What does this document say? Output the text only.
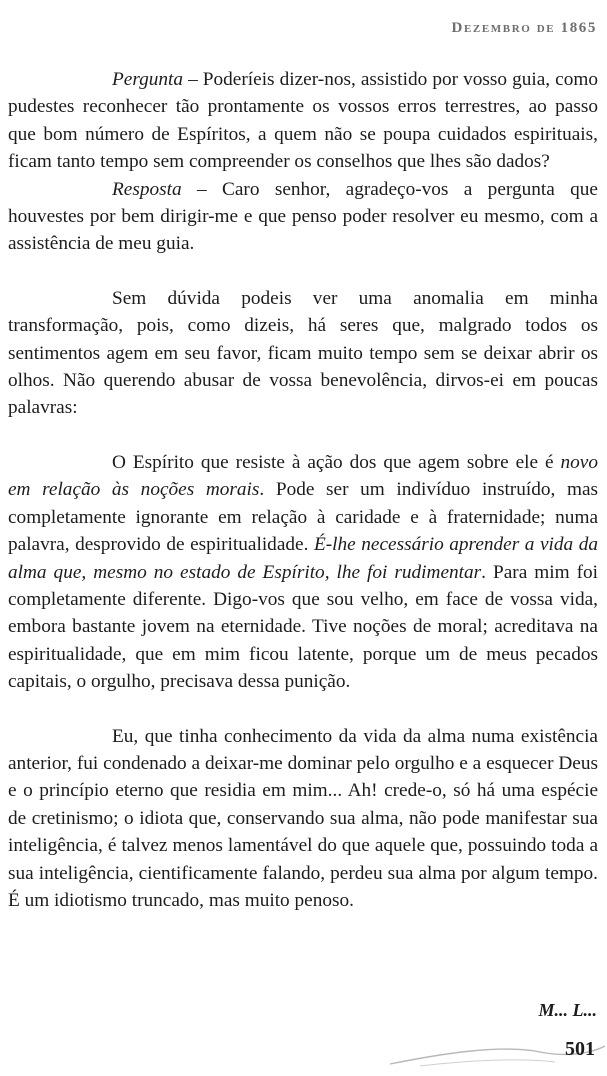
Dezembro de 1865

Pergunta – Poderíeis dizer-nos, assistido por vosso guia, como pudestes reconhecer tão prontamente os vossos erros terrestres, ao passo que bom número de Espíritos, a quem não se poupa cuidados espirituais, ficam tanto tempo sem compreender os conselhos que lhes são dados?

Resposta – Caro senhor, agradeço-vos a pergunta que houvestes por bem dirigir-me e que penso poder resolver eu mesmo, com a assistência de meu guia.

Sem dúvida podeis ver uma anomalia em minha transformação, pois, como dizeis, há seres que, malgrado todos os sentimentos agem em seu favor, ficam muito tempo sem se deixar abrir os olhos. Não querendo abusar de vossa benevolência, dirvos-ei em poucas palavras:

O Espírito que resiste à ação dos que agem sobre ele é novo em relação às noções morais. Pode ser um indivíduo instruído, mas completamente ignorante em relação à caridade e à fraternidade; numa palavra, desprovido de espiritualidade. É-lhe necessário aprender a vida da alma que, mesmo no estado de Espírito, lhe foi rudimentar. Para mim foi completamente diferente. Digo-vos que sou velho, em face de vossa vida, embora bastante jovem na eternidade. Tive noções de moral; acreditava na espiritualidade, que em mim ficou latente, porque um de meus pecados capitais, o orgulho, precisava dessa punição.

Eu, que tinha conhecimento da vida da alma numa existência anterior, fui condenado a deixar-me dominar pelo orgulho e a esquecer Deus e o princípio eterno que residia em mim... Ah! crede-o, só há uma espécie de cretinismo; o idiota que, conservando sua alma, não pode manifestar sua inteligência, é talvez menos lamentável do que aquele que, possuindo toda a sua inteligência, cientificamente falando, perdeu sua alma por algum tempo. É um idiotismo truncado, mas muito penoso.

M... L...
501
